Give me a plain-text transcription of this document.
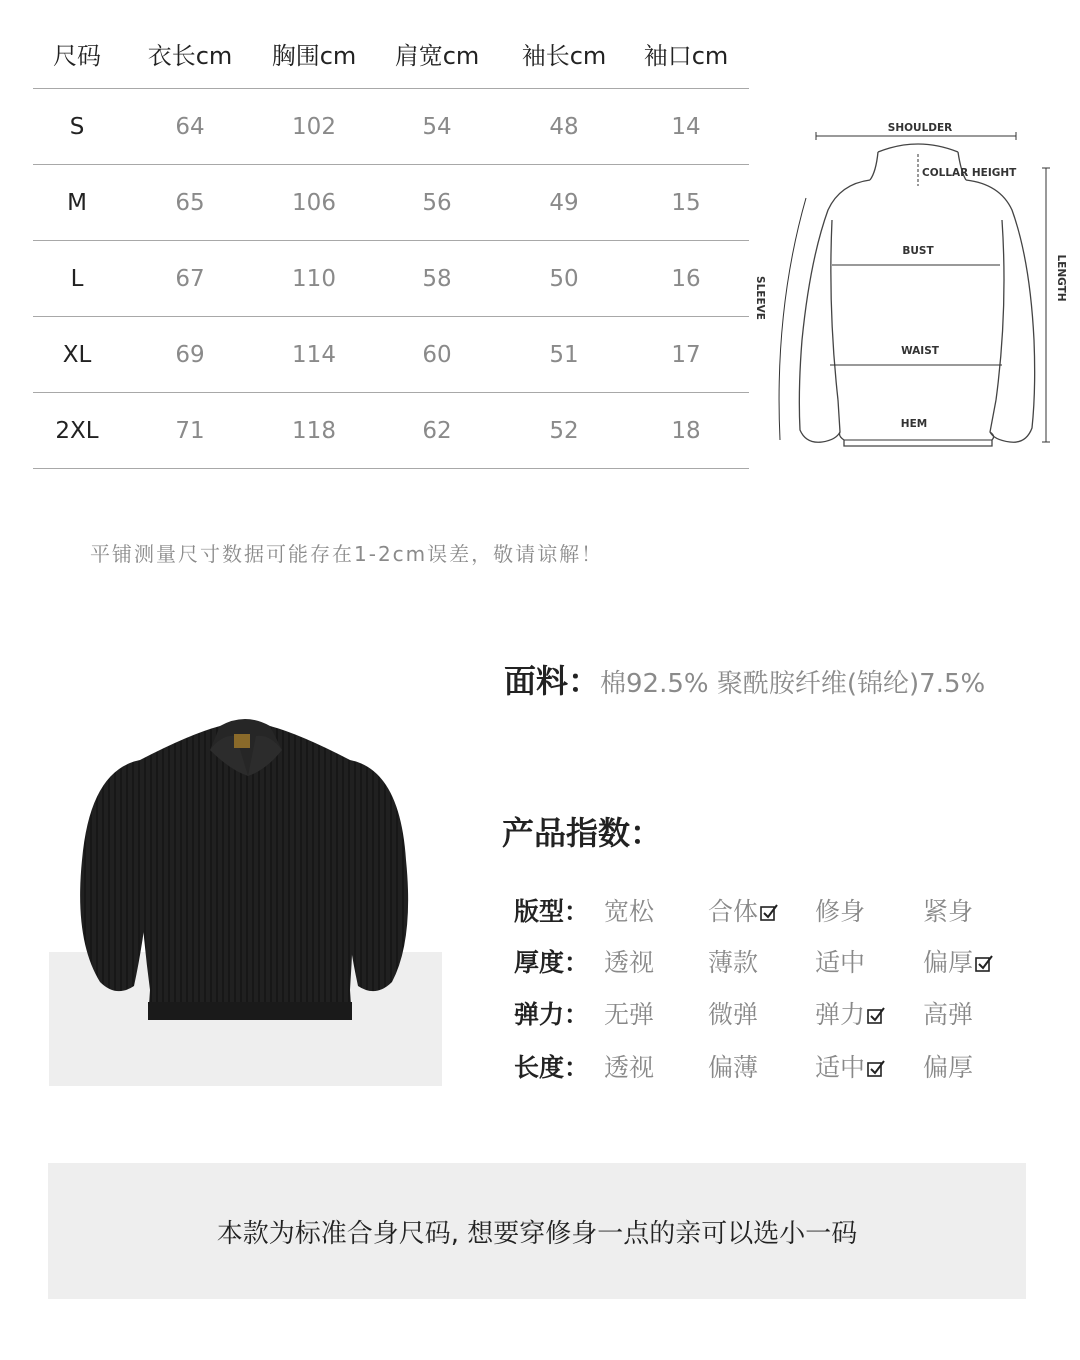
尺码	衣长cm	胸围cm	肩宽cm	袖长cm	袖口cm
S	64	102	54	48	14
M	65	106	56	49	15
L	67	110	58	50	16
XL	69	114	60	51	17
2XL	71	118	62	52	18
平铺测量尺寸数据可能存在1-2cm误差，敬请谅解！
SHOULDER
COLLAR HEIGHT
BUST
WAIST
HEM
SLEEVE	LENGTH
面料：棉92.5% 聚酰胺纤维(锦纶)7.5%
产品指数：
版型： 宽松	合体	修身	紧身
厚度： 透视	薄款	适中	偏厚
弹力： 无弹	微弹	弹力	高弹
长度： 透视	偏薄	适中	偏厚
本款为标准合身尺码, 想要穿修身一点的亲可以选小一码
